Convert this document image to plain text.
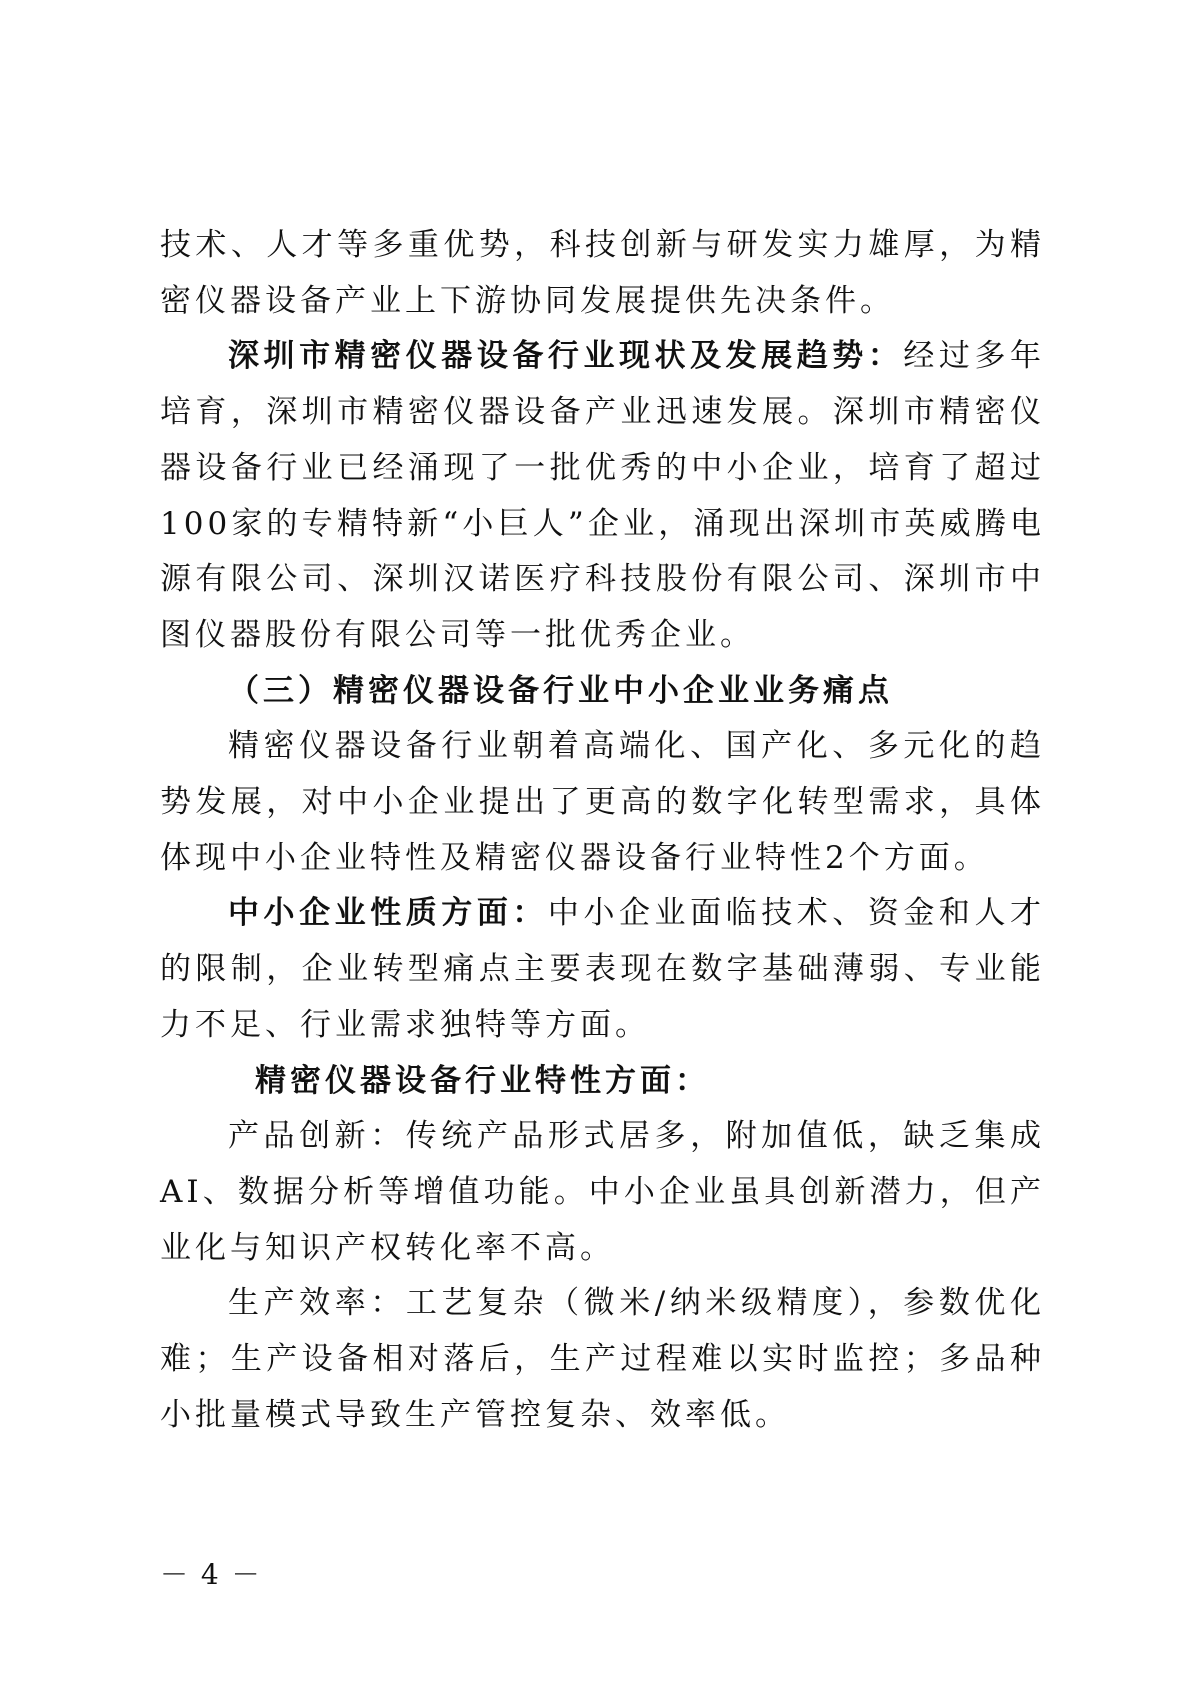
技术、人才等多重优势，科技创新与研发实力雄厚，为精密仪器设备产业上下游协同发展提供先决条件。

深圳市精密仪器设备行业现状及发展趋势：经过多年培育，深圳市精密仪器设备产业迅速发展。深圳市精密仪器设备行业已经涌现了一批优秀的中小企业，培育了超过100家的专精特新“小巨人”企业，涌现出深圳市英威腾电源有限公司、深圳汉诺医疗科技股份有限公司、深圳市中图仪器股份有限公司等一批优秀企业。

（三）精密仪器设备行业中小企业业务痛点

精密仪器设备行业朝着高端化、国产化、多元化的趋势发展，对中小企业提出了更高的数字化转型需求，具体体现中小企业特性及精密仪器设备行业特性2个方面。

中小企业性质方面：中小企业面临技术、资金和人才的限制，企业转型痛点主要表现在数字基础薄弱、专业能力不足、行业需求独特等方面。

精密仪器设备行业特性方面：

产品创新：传统产品形式居多，附加值低，缺乏集成AI、数据分析等增值功能。中小企业虽具创新潜力，但产业化与知识产权转化率不高。

生产效率：工艺复杂（微米/纳米级精度），参数优化难；生产设备相对落后，生产过程难以实时监控；多品种小批量模式导致生产管控复杂、效率低。

－ 4 －
